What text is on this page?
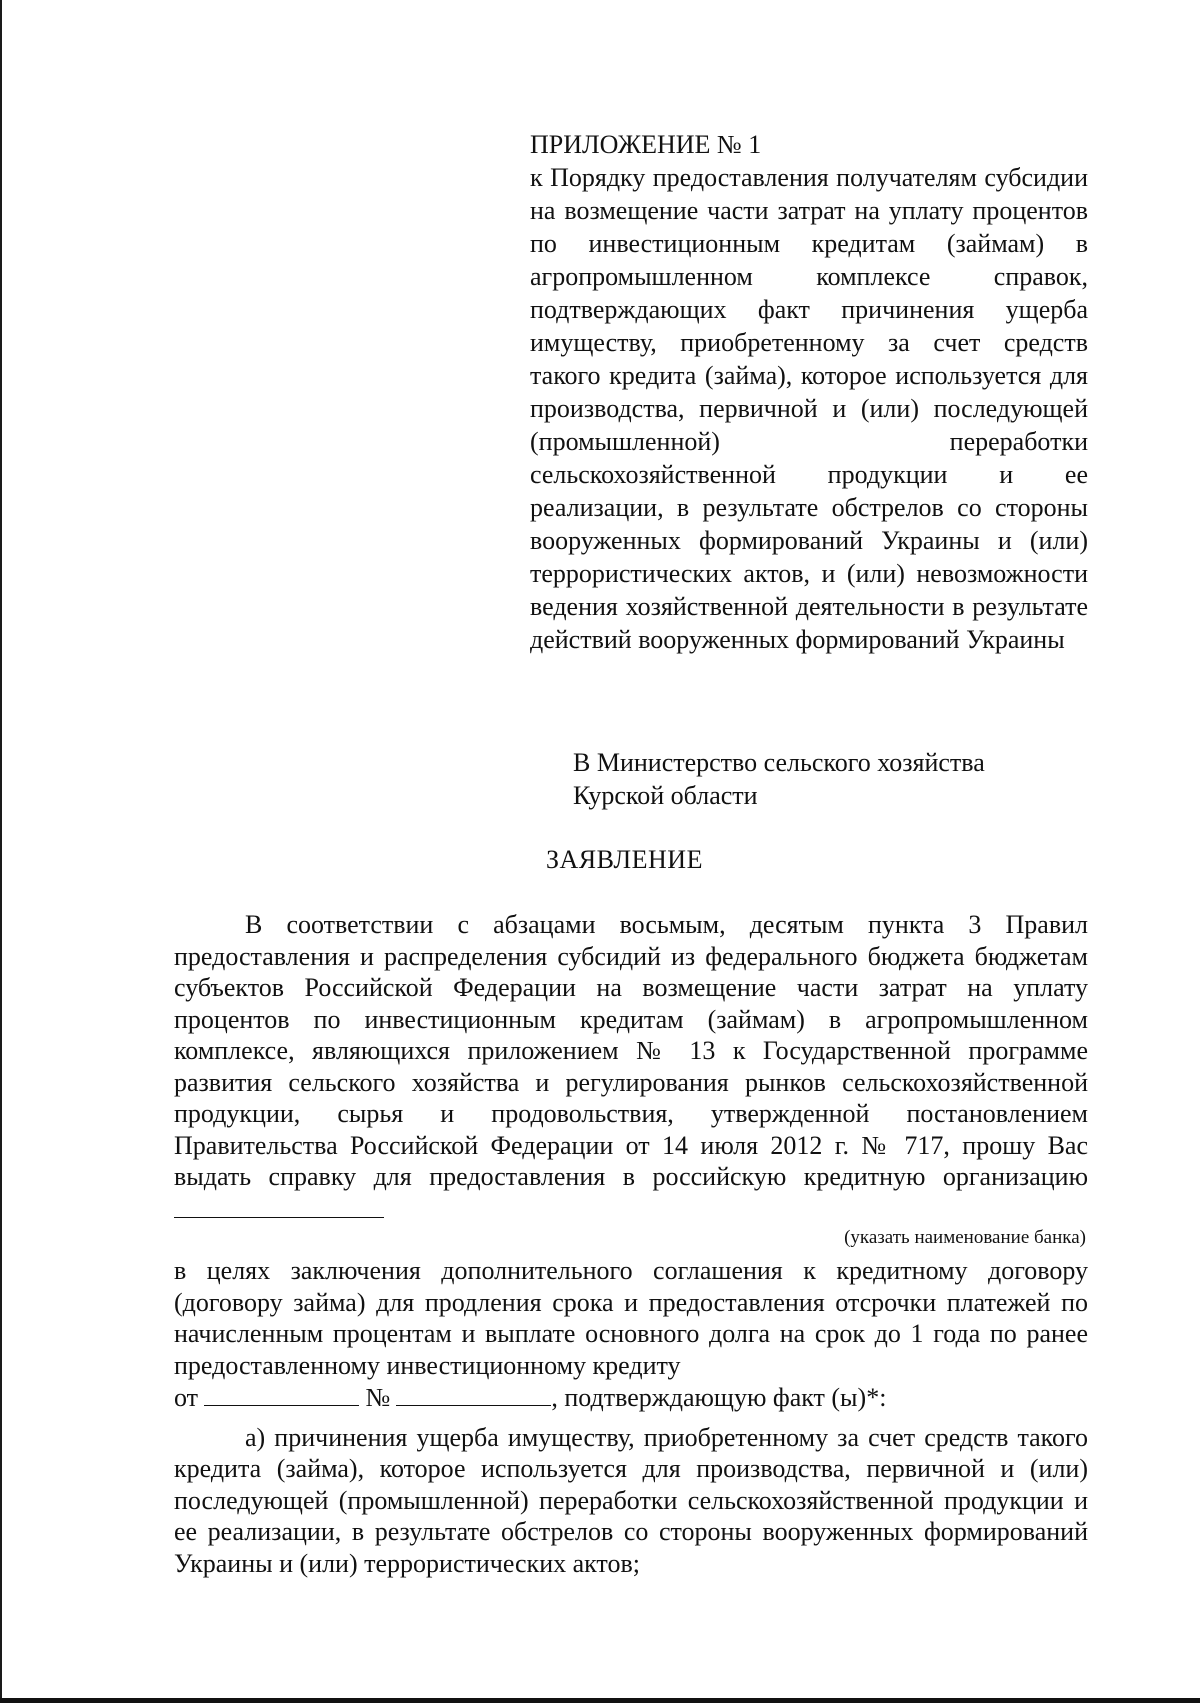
ПРИЛОЖЕНИЕ № 1

к Порядку предоставления получателям субсидии на возмещение части затрат на уплату процентов по инвестиционным кредитам (займам) в агропромышленном комплексе справок, подтверждающих факт причинения ущерба имуществу, приобретенному за счет средств такого кредита (займа), которое используется для производства, первичной и (или) последующей (промышленной) переработки сельскохозяйственной продукции и ее реализации, в результате обстрелов со стороны вооруженных формирований Украины и (или) террористических актов, и (или) невозможности ведения хозяйственной деятельности в результате действий вооруженных формирований Украины

В Министерство сельского хозяйства
Курской области
ЗАЯВЛЕНИЕ

В соответствии с абзацами восьмым, десятым пункта 3 Правил предоставления и распределения субсидий из федерального бюджета бюджетам субъектов Российской Федерации на возмещение части затрат на уплату процентов по инвестиционным кредитам (займам) в агропромышленном комплексе, являющихся приложением № 13 к Государственной программе развития сельского хозяйства и регулирования рынков сельскохозяйственной продукции, сырья и продовольствия, утвержденной постановлением Правительства Российской Федерации от 14 июля 2012 г. № 717, прошу Вас выдать справку для предоставления в российскую кредитную организацию

(указать наименование банка)

в целях заключения дополнительного соглашения к кредитному договору (договору займа) для продления срока и предоставления отсрочки платежей по начисленным процентам и выплате основного долга на срок до 1 года по ранее предоставленному инвестиционному кредиту

от	№	, подтверждающую факт (ы)*:

а) причинения ущерба имуществу, приобретенному за счет средств такого кредита (займа), которое используется для производства, первичной и (или) последующей (промышленной) переработки сельскохозяйственной продукции и ее реализации, в результате обстрелов со стороны вооруженных формирований Украины и (или) террористических актов;
